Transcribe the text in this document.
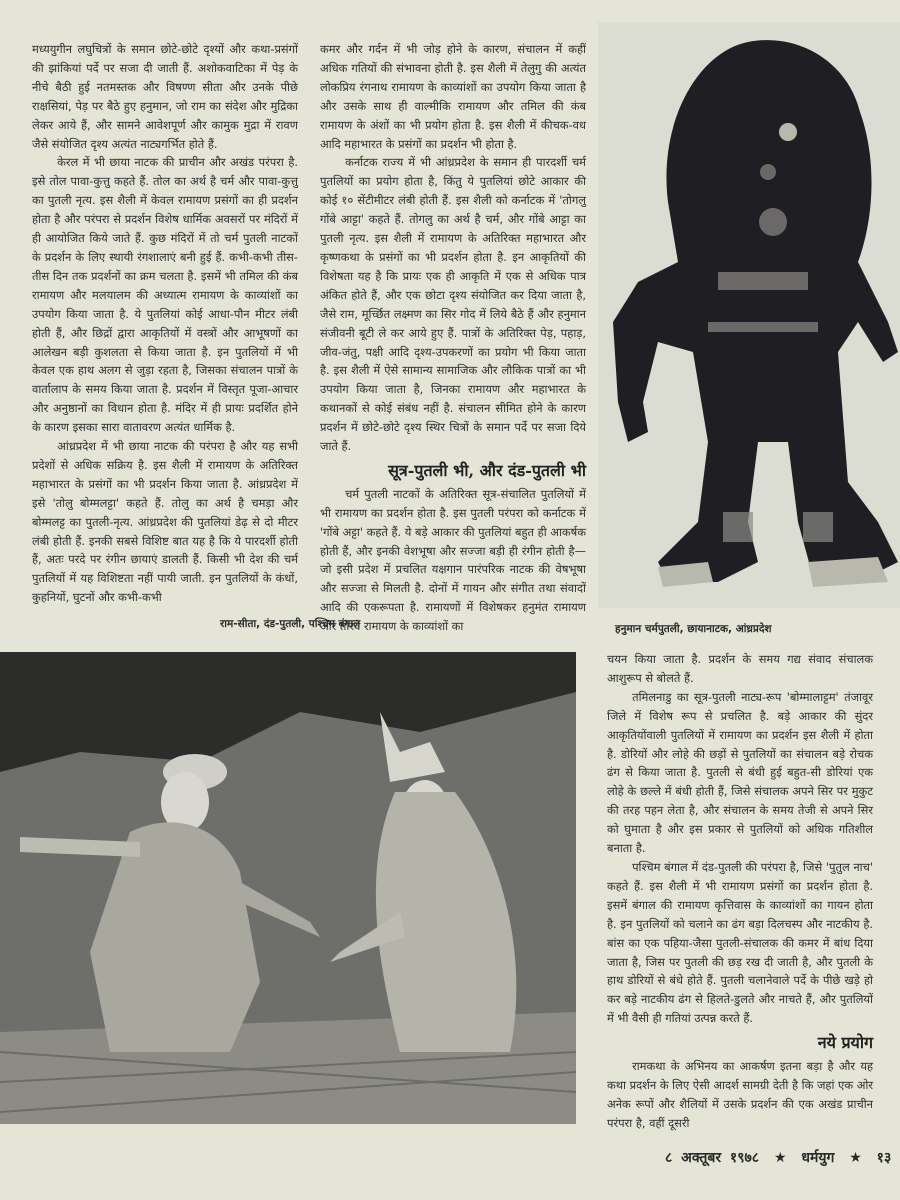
मध्ययुगीन लघुचित्रों के समान छोटे-छोटे दृश्यों और कथा-प्रसंगों की झांकियां पर्दे पर सजा दी जाती हैं. अशोकवाटिका में पेड़ के नीचे बैठी हुई नतमस्तक और विषण्ण सीता और उनके पीछे राक्षसियां, पेड़ पर बैठे हुए हनुमान, जो राम का संदेश और मुद्रिका लेकर आये हैं, और सामने आवेशपूर्ण और कामुक मुद्रा में रावण जैसे संयोजित दृश्य अत्यंत नाट्यगर्भित होते हैं.

केरल में भी छाया नाटक की प्राचीन और अखंड परंपरा है. इसे तोल पावा-कुत्तु कहते हैं. तोल का अर्थ है चर्म और पावा-कुत्तु का पुतली नृत्य. इस शैली में केवल रामायण प्रसंगों का ही प्रदर्शन होता है और परंपरा से प्रदर्शन विशेष धार्मिक अवसरों पर मंदिरों में ही आयोजित किये जाते हैं. कुछ मंदिरों में तो चर्म पुतली नाटकों के प्रदर्शन के लिए स्थायी रंगशालाएं बनी हुई हैं. कभी-कभी तीस-तीस दिन तक प्रदर्शनों का क्रम चलता है. इसमें भी तमिल की कंब रामायण और मलयालम की अध्यात्म रामायण के काव्यांशों का उपयोग किया जाता है. ये पुतलियां कोई आधा-पौन मीटर लंबी होती हैं, और छिद्रों द्वारा आकृतियों में वस्त्रों और आभूषणों का आलेखन बड़ी कुशलता से किया जाता है. इन पुतलियों में भी केवल एक हाथ अलग से जुड़ा रहता है, जिसका संचालन पात्रों के वार्तालाप के समय किया जाता है. प्रदर्शन में विस्तृत पूजा-आचार और अनुष्ठानों का विधान होता है. मंदिर में ही प्रायः प्रदर्शित होने के कारण इसका सारा वातावरण अत्यंत धार्मिक है.

आंध्रप्रदेश में भी छाया नाटक की परंपरा है और यह सभी प्रदेशों से अधिक सक्रिय है. इस शैली में रामायण के अतिरिक्त महाभारत के प्रसंगों का भी प्रदर्शन किया जाता है. आंध्रप्रदेश में इसे 'तोलु बोम्मलट्टा' कहते हैं. तोलु का अर्थ है चमड़ा और बोम्मलट्ट का पुतली-नृत्य. आंध्रप्रदेश की पुतलियां डेढ़ से दो मीटर लंबी होती हैं. इनकी सबसे विशिष्ट बात यह है कि ये पारदर्शी होती हैं, अतः परदे पर रंगीन छायाएं डालती हैं. किसी भी देश की चर्म पुतलियों में यह विशिष्टता नहीं पायी जाती. इन पुतलियों के कंधों, कुहनियों, घुटनों और कभी-कभी

कमर और गर्दन में भी जोड़ होने के कारण, संचालन में कहीं अधिक गतियों की संभावना होती है. इस शैली में तेलुगु की अत्यंत लोकप्रिय रंगनाथ रामायण के काव्यांशों का उपयोग किया जाता है और उसके साथ ही वाल्मीकि रामायण और तमिल की कंब रामायण के अंशों का भी प्रयोग होता है. इस शैली में कीचक-वध आदि महाभारत के प्रसंगों का प्रदर्शन भी होता है.

कर्नाटक राज्य में भी आंध्रप्रदेश के समान ही पारदर्शी चर्म पुतलियों का प्रयोग होता है, किंतु ये पुतलियां छोटे आकार की कोई १० सेंटीमीटर लंबी होती हैं. इस शैली को कर्नाटक में 'तोगलु गोंबे आट्टा' कहते हैं. तोगलु का अर्थ है चर्म, और गोंबे आट्टा का पुतली नृत्य. इस शैली में रामायण के अतिरिक्त महाभारत और कृष्णकथा के प्रसंगों का भी प्रदर्शन होता है. इन आकृतियों की विशेषता यह है कि प्रायः एक ही आकृति में एक से अधिक पात्र अंकित होते हैं, और एक छोटा दृश्य संयोजित कर दिया जाता है, जैसे राम, मूर्च्छित लक्ष्मण का सिर गोद में लिये बैठे हैं और हनुमान संजीवनी बूटी ले कर आये हुए हैं. पात्रों के अतिरिक्त पेड़, पहाड़, जीव-जंतु, पक्षी आदि दृश्य-उपकरणों का प्रयोग भी किया जाता है. इस शैली में ऐसे सामान्य सामाजिक और लौकिक पात्रों का भी उपयोग किया जाता है, जिनका रामायण और महाभारत के कथानकों से कोई संबंध नहीं है. संचालन सीमित होने के कारण प्रदर्शन में छोटे-छोटे दृश्य स्थिर चित्रों के समान पर्दे पर सजा दिये जाते हैं.

सूत्र-पुतली भी, और दंड-पुतली भी

चर्म पुतली नाटकों के अतिरिक्त सूत्र-संचालित पुतलियों में भी रामायण का प्रदर्शन होता है. इस पुतली परंपरा को कर्नाटक में 'गोंबे अट्टा' कहते हैं. ये बड़े आकार की पुतलियां बहुत ही आकर्षक होती हैं, और इनकी वेशभूषा और सज्जा बड़ी ही रंगीन होती है—जो इसी प्रदेश में प्रचलित यक्षगान पारंपरिक नाटक की वेषभूषा और सज्जा से मिलती है. दोनों में गायन और संगीत तथा संवादों आदि की एकरूपता है. रामायणों में विशेषकर हनुमंत रामायण और तोरवे रामायण के काव्यांशों का

राम-सीता, दंड-पुतली, पश्चिम बंगाल	हनुमान चर्मपुतली, छायानाटक, आंध्रप्रदेश

चयन किया जाता है. प्रदर्शन के समय गद्य संवाद संचालक आशुरूप से बोलते हैं.

तमिलनाडु का सूत्र-पुतली नाट्य-रूप 'बोम्मालाट्टम' तंजावूर जिले में विशेष रूप से प्रचलित है. बड़े आकार की सुंदर आकृतियोंवाली पुतलियों में रामायण का प्रदर्शन इस शैली में होता है. डोरियों और लोहे की छड़ों से पुतलियों का संचालन बड़े रोचक ढंग से किया जाता है. पुतली से बंधी हुई बहुत-सी डोरियां एक लोहे के छल्ले में बंधी होती हैं, जिसे संचालक अपने सिर पर मुकुट की तरह पहन लेता है, और संचालन के समय तेजी से अपने सिर को घुमाता है और इस प्रकार से पुतलियों को अधिक गतिशील बनाता है.

पश्चिम बंगाल में दंड-पुतली की परंपरा है, जिसे 'पुतुल नाच' कहते हैं. इस शैली में भी रामायण प्रसंगों का प्रदर्शन होता है. इसमें बंगाल की रामायण कृत्तिवास के काव्यांशों का गायन होता है. इन पुतलियों को चलाने का ढंग बड़ा दिलचस्प और नाटकीय है. बांस का एक पहिया-जैसा पुतली-संचालक की कमर में बांध दिया जाता है, जिस पर पुतली की छड़ रख दी जाती है, और पुतली के हाथ डोरियों से बंधे होते हैं. पुतली चलानेवाले पर्दे के पीछे खड़े हो कर बड़े नाटकीय ढंग से हिलते-डुलते और नाचते हैं, और पुतलियों में भी वैसी ही गतियां उत्पन्न करते हैं.

नये प्रयोग

रामकथा के अभिनय का आकर्षण इतना बड़ा है और यह कथा प्रदर्शन के लिए ऐसी आदर्श सामग्री देती है कि जहां एक ओर अनेक रूपों और शैलियों में उसके प्रदर्शन की एक अखंड प्राचीन परंपरा है, वहीं दूसरी

८ अक्तूबर १९७८ ★ धर्मयुग ★ १३
